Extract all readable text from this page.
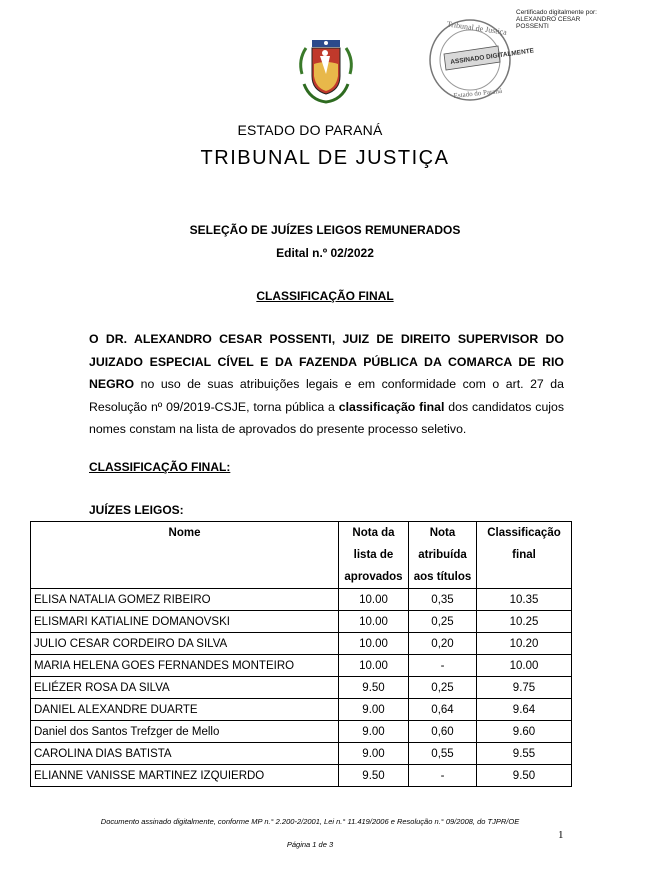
Certificado digitalmente por: ALEXANDRO CESAR POSSENTI
Tribunal de Justiça
ASSINADO DIGITALMENTE
Estado do Paraná
ESTADO DO PARANÁ
TRIBUNAL DE JUSTIÇA
SELEÇÃO DE JUÍZES LEIGOS REMUNERADOS
Edital n.º 02/2022
CLASSIFICAÇÃO FINAL
O DR. ALEXANDRO CESAR POSSENTI, JUIZ DE DIREITO SUPERVISOR DO JUIZADO ESPECIAL CÍVEL E DA FAZENDA PÚBLICA DA COMARCA DE RIO NEGRO no uso de suas atribuições legais e em conformidade com o art. 27 da Resolução nº 09/2019-CSJE, torna pública a classificação final dos candidatos cujos nomes constam na lista de aprovados do presente processo seletivo.
CLASSIFICAÇÃO FINAL:
JUÍZES LEIGOS:
Nome	Nota da lista de aprovados	Nota atribuída aos títulos	Classificação final
ELISA NATALIA GOMEZ RIBEIRO	10.00	0,35	10.35
ELISMARI KATIALINE DOMANOVSKI	10.00	0,25	10.25
JULIO CESAR CORDEIRO DA SILVA	10.00	0,20	10.20
MARIA HELENA GOES FERNANDES MONTEIRO	10.00	-	10.00
ELIÉZER ROSA DA SILVA	9.50	0,25	9.75
DANIEL ALEXANDRE DUARTE	9.00	0,64	9.64
Daniel dos Santos Trefzger de Mello	9.00	0,60	9.60
CAROLINA DIAS BATISTA	9.00	0,55	9.55
ELIANNE VANISSE MARTINEZ IZQUIERDO	9.50	-	9.50
Documento assinado digitalmente, conforme MP n.° 2.200-2/2001, Lei n.° 11.419/2006 e Resolução n.° 09/2008, do TJPR/OE
1
Página 1 de 3
